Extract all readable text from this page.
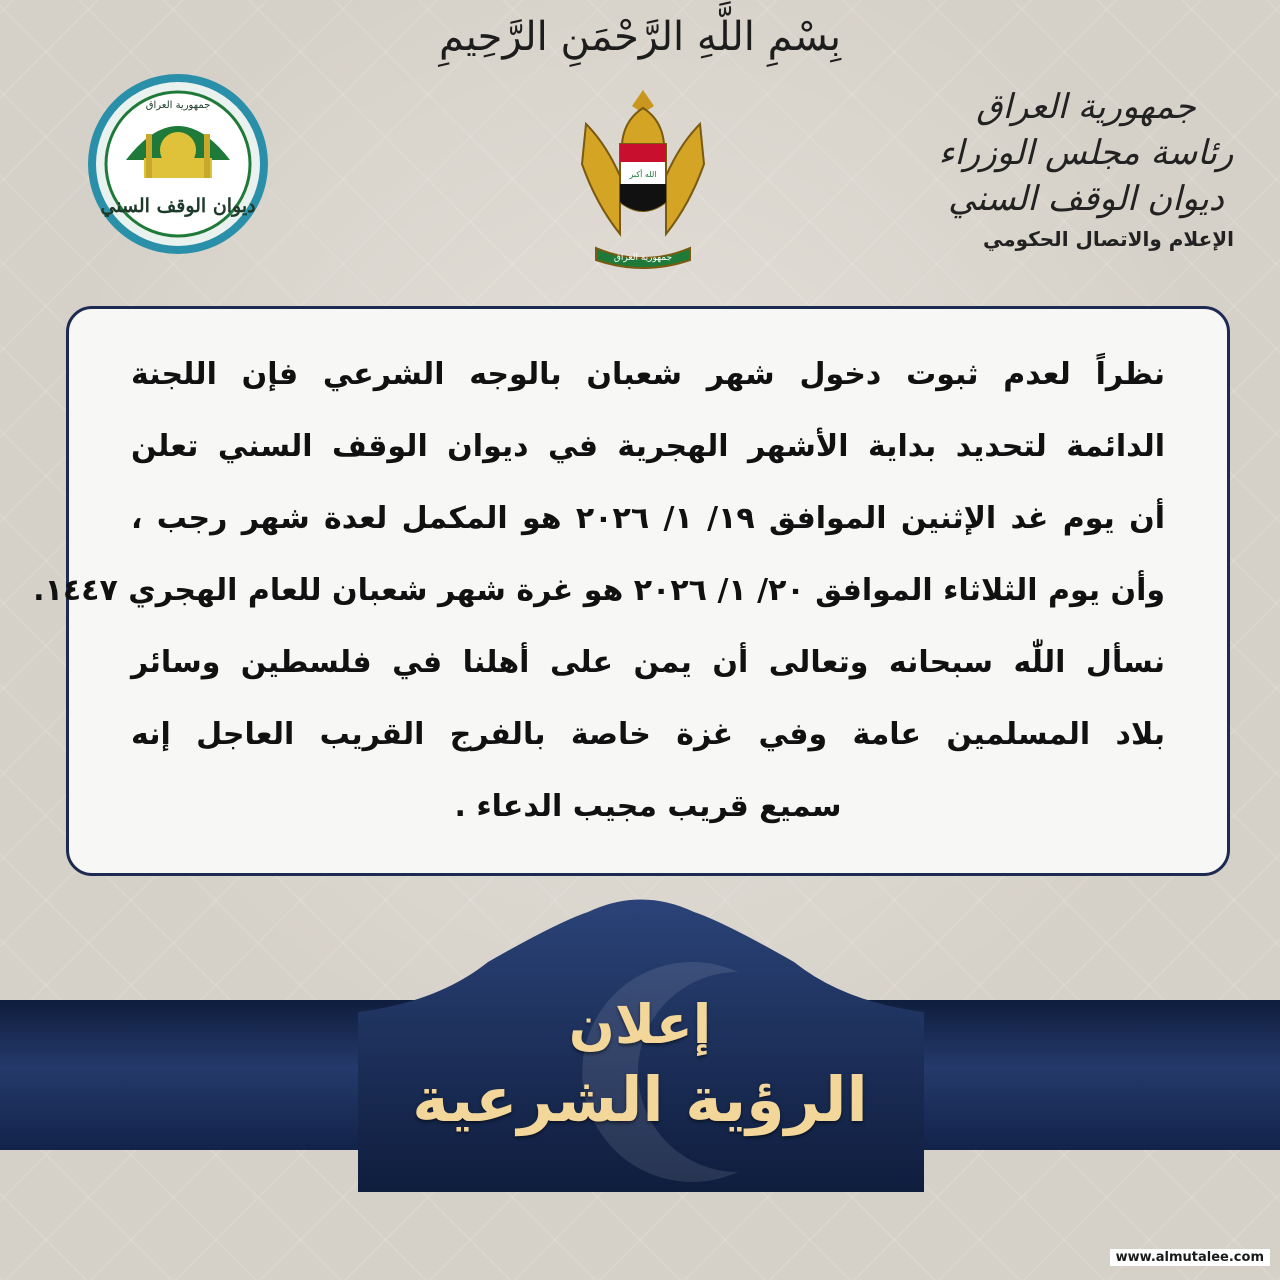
بِسْمِ اللَّهِ الرَّحْمَنِ الرَّحِيمِ
ديوان الوقف السني
جمهورية العراق
الله أكبر
جمهورية العراق
جمهورية العراق
رئاسة مجلس الوزراء
ديوان الوقف السني
الإعلام والاتصال الحكومي
نظراً لعدم ثبوت دخول شهر شعبان بالوجه الشرعي فإن اللجنة
الدائمة لتحديد بداية الأشهر الهجرية في ديوان الوقف السني تعلن
أن يوم غد الإثنين الموافق ١٩/ ١/ ٢٠٢٦ هو المكمل لعدة شهر رجب ،
وأن يوم الثلاثاء الموافق ٢٠/ ١/ ٢٠٢٦ هو غرة شهر شعبان للعام الهجري ١٤٤٧.
نسأل اللّٰه سبحانه وتعالى أن يمن على أهلنا في فلسطين وسائر
بلاد المسلمين عامة وفي غزة خاصة بالفرج القريب العاجل إنه
سميع قريب مجيب الدعاء .
إعلان
الرؤية الشرعية
www.almutalee.com
